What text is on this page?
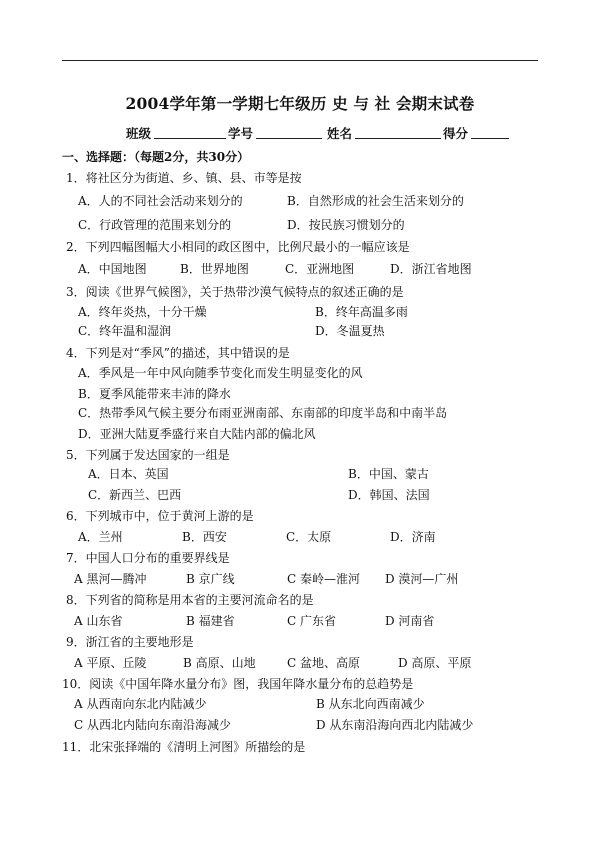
2004学年第一学期七年级历 史 与 社 会期末试卷
班级	学号	姓名	得分
一、选择题：（每题2分，共30分）
1．将社区分为街道、乡、镇、县、市等是按
A．人的不同社会活动来划分的	B．自然形成的社会生活来划分的
C．行政管理的范围来划分的	D．按民族习惯划分的
2．下列四幅图幅大小相同的政区图中，比例尺最小的一幅应该是
A．中国地图	B．世界地图	C．亚洲地图	D．浙江省地图
3．阅读《世界气候图》，关于热带沙漠气候特点的叙述正确的是
A．终年炎热，十分干燥	B．终年高温多雨
C．终年温和湿润	D．冬温夏热
4．下列是对“季风”的描述，其中错误的是
A．季风是一年中风向随季节变化而发生明显变化的风
B．夏季风能带来丰沛的降水
C．热带季风气候主要分布雨亚洲南部、东南部的印度半岛和中南半岛
D．亚洲大陆夏季盛行来自大陆内部的偏北风
5．下列属于发达国家的一组是
A．日本、英国	B．中国、蒙古
C．新西兰、巴西	D．韩国、法国
6．下列城市中，位于黄河上游的是
A．兰州	B．西安	C．太原	D．济南
7．中国人口分布的重要界线是
A 黑河—腾冲	B 京广线	C 秦岭—淮河 D 漠河—广州
8．下列省的简称是用本省的主要河流命名的是
A 山东省	B 福建省	C 广东省	D 河南省
9．浙江省的主要地形是
A 平原、丘陵	B 高原、山地	C 盆地、高原	D 高原、平原
10．阅读《中国年降水量分布》图，我国年降水量分布的总趋势是
A 从西南向东北内陆减少	B 从东北向西南减少
C 从西北内陆向东南沿海减少	D 从东南沿海向西北内陆减少
11．北宋张择端的《清明上河图》所描绘的是
